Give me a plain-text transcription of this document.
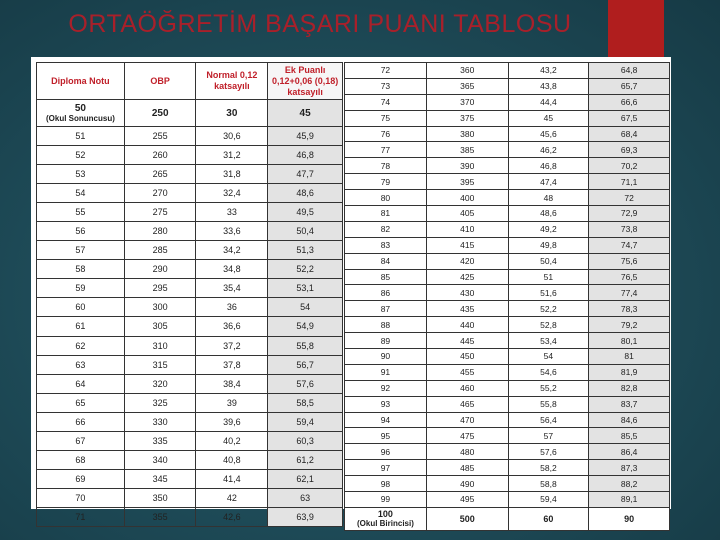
ORTAÖĞRETİM BAŞARI PUANI TABLOSU
Diploma Notu	OBP	Normal 0,12 katsayılı	Ek Puanlı 0,12+0,06 (0,18) katsayılı
50
(Okul Sonuncusu)	250	30	45
51	255	30,6	45,9
52	260	31,2	46,8
53	265	31,8	47,7
54	270	32,4	48,6
55	275	33	49,5
56	280	33,6	50,4
57	285	34,2	51,3
58	290	34,8	52,2
59	295	35,4	53,1
60	300	36	54
61	305	36,6	54,9
62	310	37,2	55,8
63	315	37,8	56,7
64	320	38,4	57,6
65	325	39	58,5
66	330	39,6	59,4
67	335	40,2	60,3
68	340	40,8	61,2
69	345	41,4	62,1
70	350	42	63
71	355	42,6	63,9
72	360	43,2	64,8
73	365	43,8	65,7
74	370	44,4	66,6
75	375	45	67,5
76	380	45,6	68,4
77	385	46,2	69,3
78	390	46,8	70,2
79	395	47,4	71,1
80	400	48	72
81	405	48,6	72,9
82	410	49,2	73,8
83	415	49,8	74,7
84	420	50,4	75,6
85	425	51	76,5
86	430	51,6	77,4
87	435	52,2	78,3
88	440	52,8	79,2
89	445	53,4	80,1
90	450	54	81
91	455	54,6	81,9
92	460	55,2	82,8
93	465	55,8	83,7
94	470	56,4	84,6
95	475	57	85,5
96	480	57,6	86,4
97	485	58,2	87,3
98	490	58,8	88,2
99	495	59,4	89,1
100
(Okul Birincisi)	500	60	90
